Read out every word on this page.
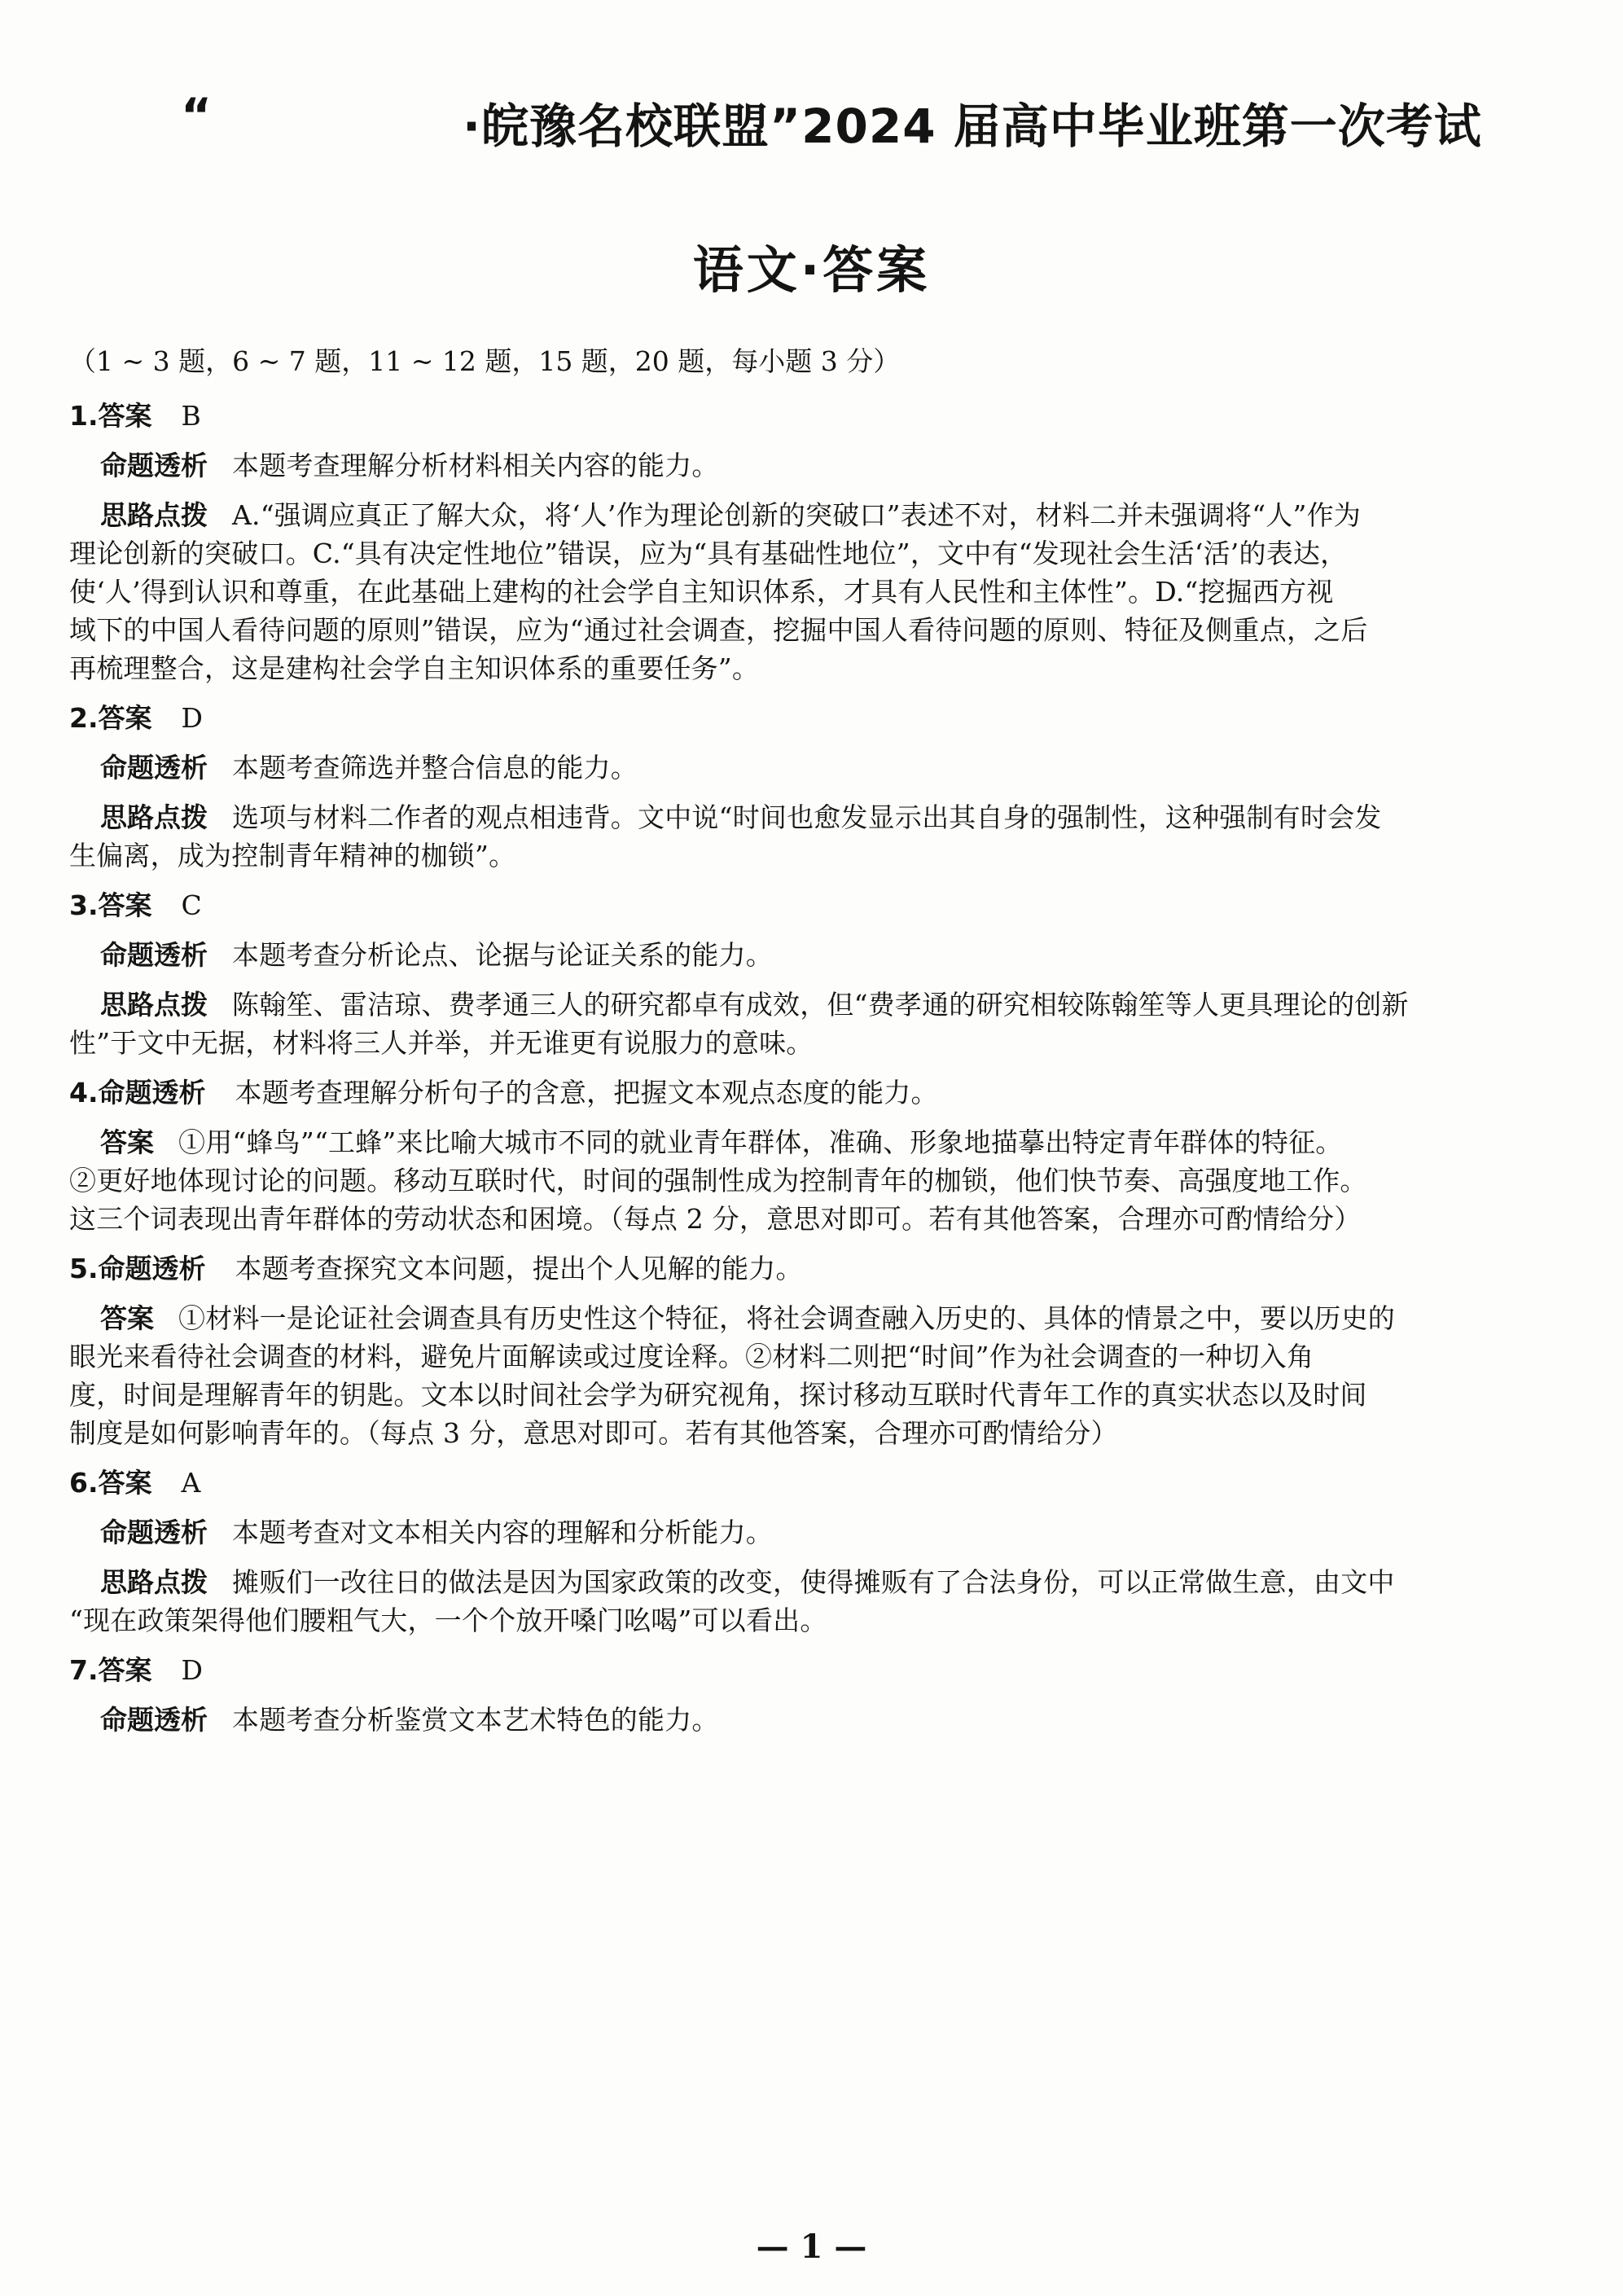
“	·皖豫名校联盟”2024 届高中毕业班第一次考试
语文·答案
（1 ~ 3 题，6 ~ 7 题，11 ~ 12 题，15 题，20 题，每小题 3 分）
1.答案 B
命题透析 本题考查理解分析材料相关内容的能力。
思路点拨 A.“强调应真正了解大众，将‘人’作为理论创新的突破口”表述不对，材料二并未强调将“人”作为
理论创新的突破口。C.“具有决定性地位”错误，应为“具有基础性地位”，文中有“发现社会生活‘活’的表达，
使‘人’得到认识和尊重，在此基础上建构的社会学自主知识体系，才具有人民性和主体性”。D.“挖掘西方视
域下的中国人看待问题的原则”错误，应为“通过社会调查，挖掘中国人看待问题的原则、特征及侧重点，之后
再梳理整合，这是建构社会学自主知识体系的重要任务”。
2.答案 D
命题透析 本题考查筛选并整合信息的能力。
思路点拨 选项与材料二作者的观点相违背。文中说“时间也愈发显示出其自身的强制性，这种强制有时会发
生偏离，成为控制青年精神的枷锁”。
3.答案 C
命题透析 本题考查分析论点、论据与论证关系的能力。
思路点拨 陈翰笙、雷洁琼、费孝通三人的研究都卓有成效，但“费孝通的研究相较陈翰笙等人更具理论的创新
性”于文中无据，材料将三人并举，并无谁更有说服力的意味。
4.命题透析 本题考查理解分析句子的含意，把握文本观点态度的能力。
答案 ①用“蜂鸟”“工蜂”来比喻大城市不同的就业青年群体，准确、形象地描摹出特定青年群体的特征。
②更好地体现讨论的问题。移动互联时代，时间的强制性成为控制青年的枷锁，他们快节奏、高强度地工作。
这三个词表现出青年群体的劳动状态和困境。（每点 2 分，意思对即可。若有其他答案，合理亦可酌情给分）
5.命题透析 本题考查探究文本问题，提出个人见解的能力。
答案 ①材料一是论证社会调查具有历史性这个特征，将社会调查融入历史的、具体的情景之中，要以历史的
眼光来看待社会调查的材料，避免片面解读或过度诠释。②材料二则把“时间”作为社会调查的一种切入角
度，时间是理解青年的钥匙。文本以时间社会学为研究视角，探讨移动互联时代青年工作的真实状态以及时间
制度是如何影响青年的。（每点 3 分，意思对即可。若有其他答案，合理亦可酌情给分）
6.答案 A
命题透析 本题考查对文本相关内容的理解和分析能力。
思路点拨 摊贩们一改往日的做法是因为国家政策的改变，使得摊贩有了合法身份，可以正常做生意，由文中
“现在政策架得他们腰粗气大，一个个放开嗓门吆喝”可以看出。
7.答案 D
命题透析 本题考查分析鉴赏文本艺术特色的能力。
— 1 —
